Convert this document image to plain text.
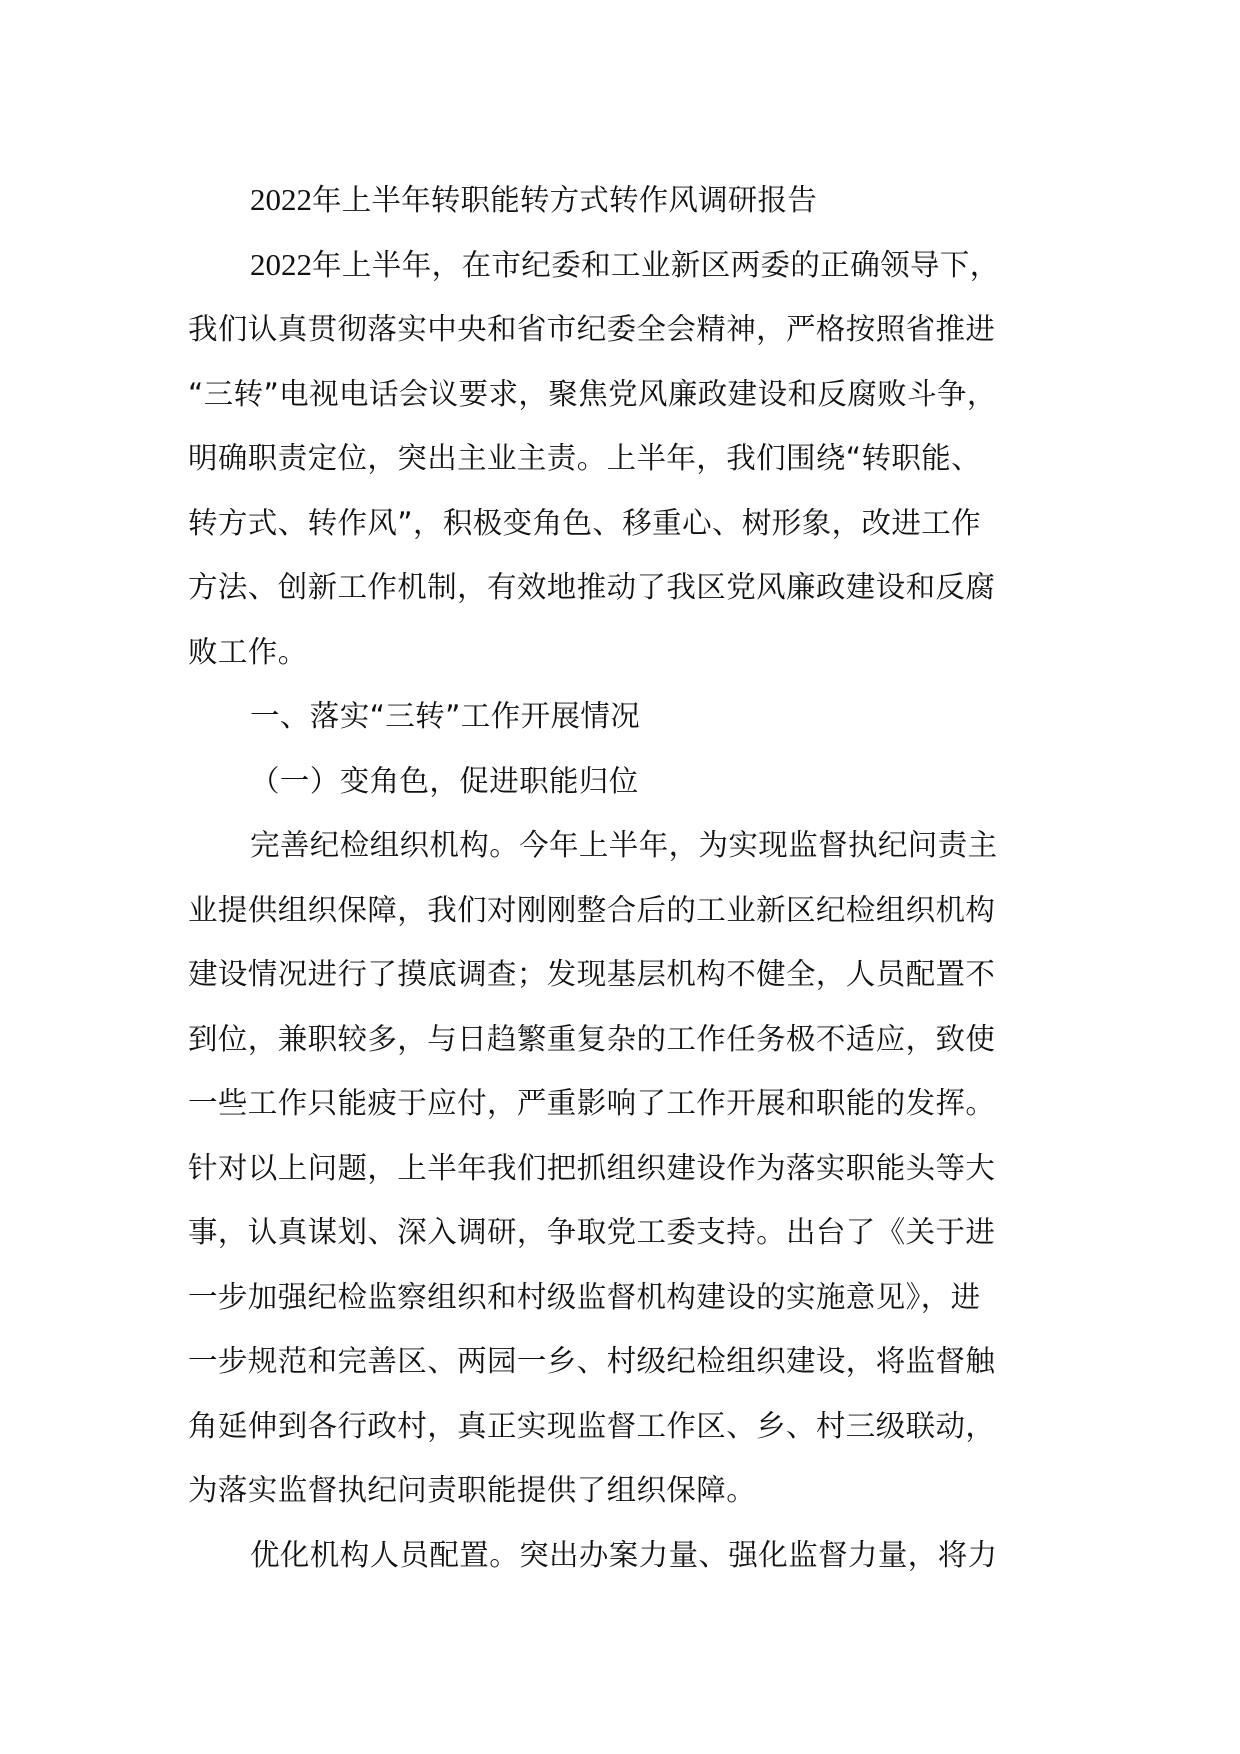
2022年上半年转职能转方式转作风调研报告
2022年上半年，在市纪委和工业新区两委的正确领导下，
我们认真贯彻落实中央和省市纪委全会精神，严格按照省推进
“三转”电视电话会议要求，聚焦党风廉政建设和反腐败斗争，
明确职责定位，突出主业主责。上半年，我们围绕“转职能、
转方式、转作风”，积极变角色、移重心、树形象，改进工作
方法、创新工作机制，有效地推动了我区党风廉政建设和反腐
败工作。
一、落实“三转”工作开展情况
（一）变角色，促进职能归位
完善纪检组织机构。今年上半年，为实现监督执纪问责主
业提供组织保障，我们对刚刚整合后的工业新区纪检组织机构
建设情况进行了摸底调查；发现基层机构不健全，人员配置不
到位，兼职较多，与日趋繁重复杂的工作任务极不适应，致使
一些工作只能疲于应付，严重影响了工作开展和职能的发挥。
针对以上问题，上半年我们把抓组织建设作为落实职能头等大
事，认真谋划、深入调研，争取党工委支持。出台了《关于进
一步加强纪检监察组织和村级监督机构建设的实施意见》，进
一步规范和完善区、两园一乡、村级纪检组织建设，将监督触
角延伸到各行政村，真正实现监督工作区、乡、村三级联动，
为落实监督执纪问责职能提供了组织保障。
优化机构人员配置。突出办案力量、强化监督力量，将力
